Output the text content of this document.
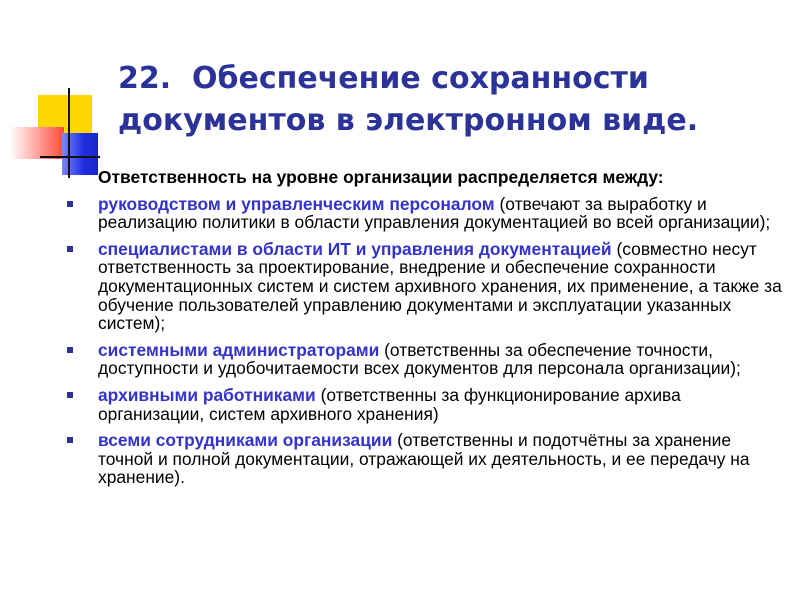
22.  Обеспечение сохранности документов в электронном виде.
Ответственность на уровне организации распределяется между:
руководством и управленческим персоналом (отвечают за выработку и реализацию политики в области управления документацией во всей организации);
специалистами в области ИТ и управления документацией (совместно несут ответственность за проектирование, внедрение и обеспечение сохранности документационных систем и систем архивного хранения, их применение, а также за обучение пользователей управлению документами и эксплуатации указанных систем);
системными администраторами (ответственны за обеспечение точности, доступности и удобочитаемости всех документов для персонала организации);
архивными работниками (ответственны за функционирование архива организации, систем архивного хранения)
всеми сотрудниками организации (ответственны и подотчётны за хранение точной и полной документации, отражающей их деятельность, и ее передачу на хранение).
